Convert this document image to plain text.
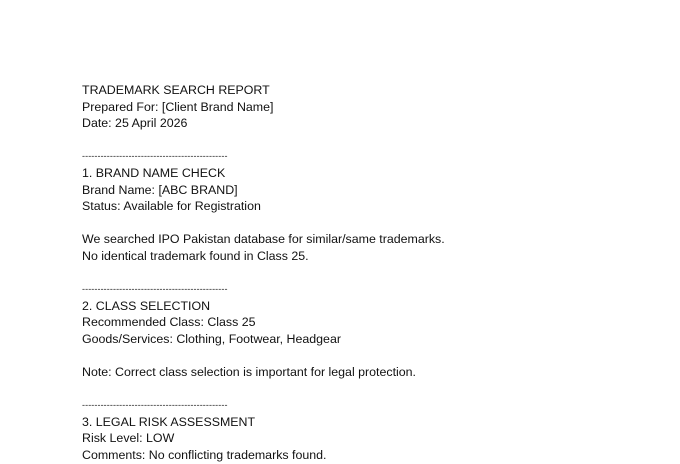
TRADEMARK SEARCH REPORT
Prepared For: [Client Brand Name]
Date: 25 April 2026
-----------------------------------------------
1. BRAND NAME CHECK
Brand Name: [ABC BRAND]
Status: Available for Registration
We searched IPO Pakistan database for similar/same trademarks.
No identical trademark found in Class 25.
-----------------------------------------------
2. CLASS SELECTION
Recommended Class: Class 25
Goods/Services: Clothing, Footwear, Headgear
Note: Correct class selection is important for legal protection.
-----------------------------------------------
3. LEGAL RISK ASSESSMENT
Risk Level: LOW
Comments: No conflicting trademarks found.
